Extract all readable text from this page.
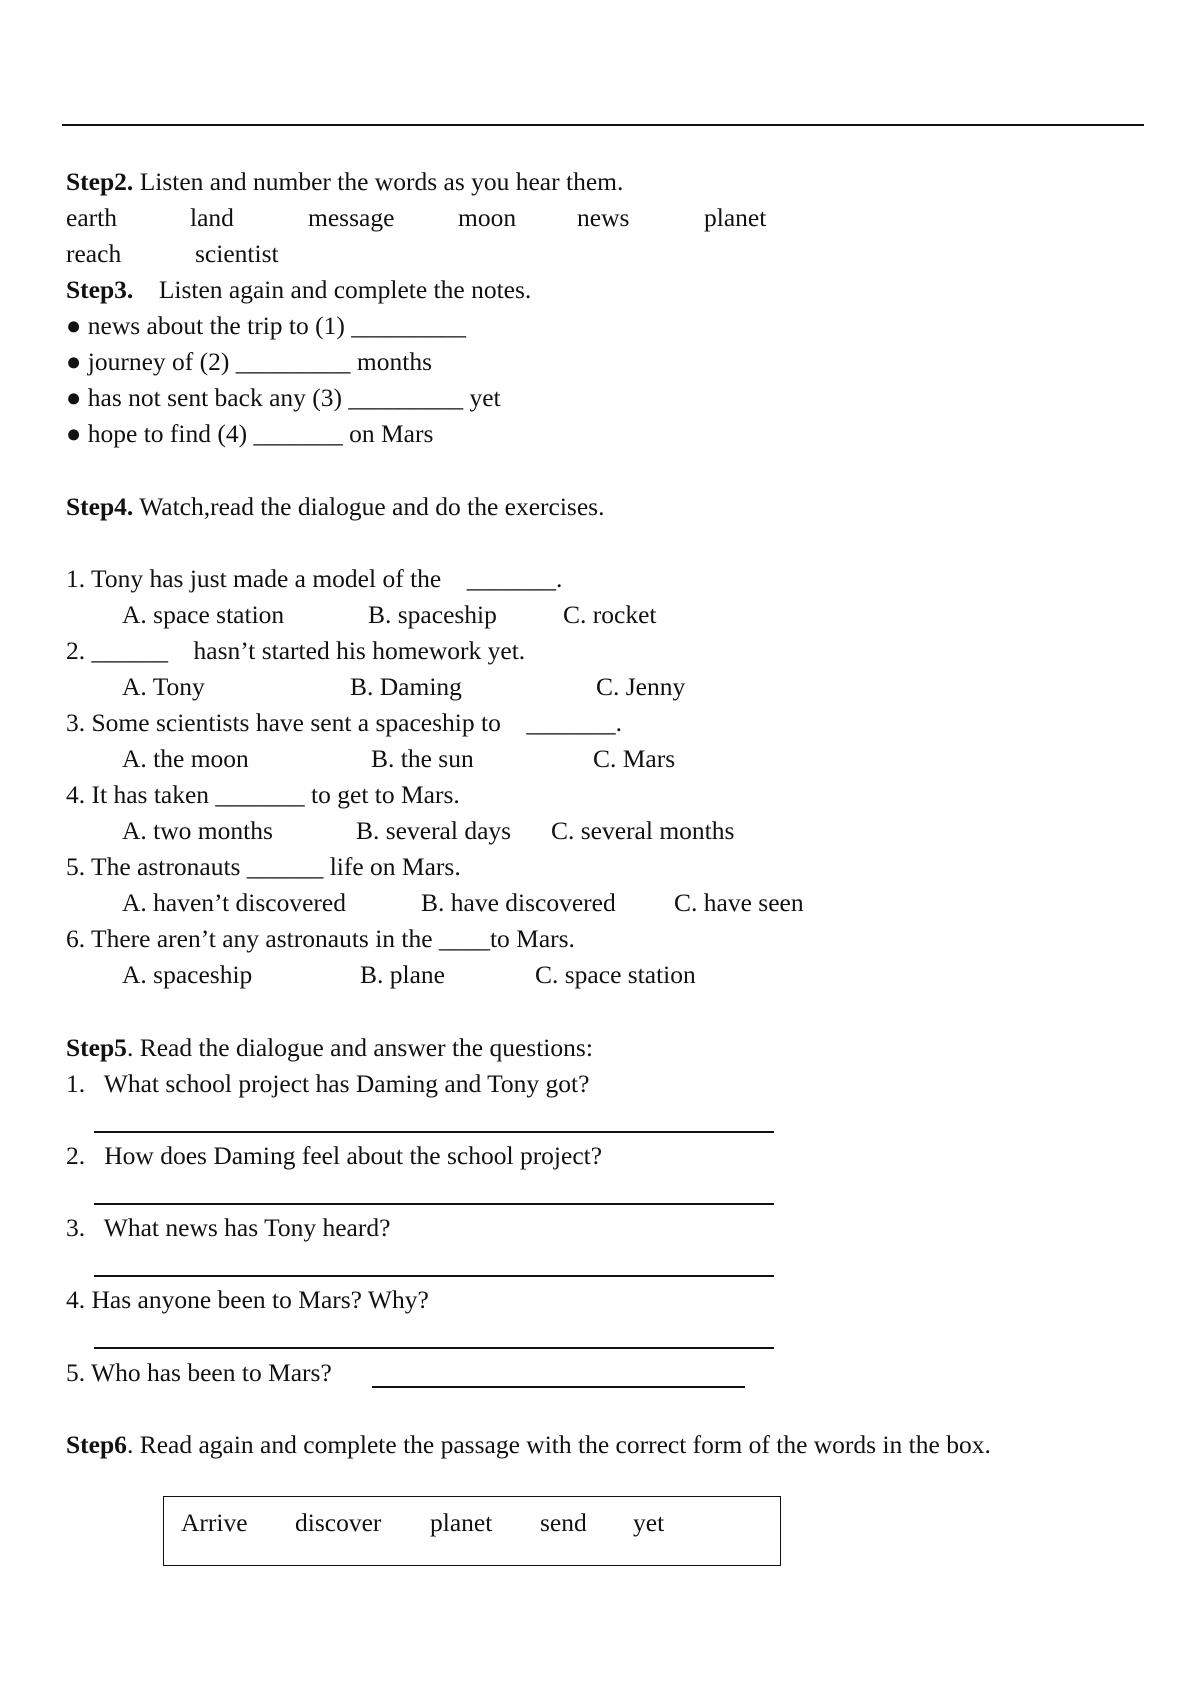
Step2. Listen and number the words as you hear them.
earth	land	message moon news	planet
reach	scientist
Step3.    Listen again and complete the notes.
● news about the trip to (1) _________
● journey of (2) _________ months
● has not sent back any (3) _________ yet
● hope to find (4) _______ on Mars
Step4. Watch,read the dialogue and do the exercises.
1. Tony has just made a model of the    _______.
A. space station	B. spaceship	C. rocket
2. ______    hasn’t started his homework yet.
A. Tony	B. Daming	C. Jenny
3. Some scientists have sent a spaceship to    _______.
A. the moon	B. the sun	C. Mars
4. It has taken _______ to get to Mars.
A. two months	B. several days C. several months
5. The astronauts ______ life on Mars.
A. haven’t discovered	B. have discovered C. have seen
6. There aren’t any astronauts in the ____to Mars.
A. spaceship	B. plane	C. space station
Step5. Read the dialogue and answer the questions:
1.   What school project has Daming and Tony got?
2.   How does Daming feel about the school project?
3.   What news has Tony heard?
4. Has anyone been to Mars? Why?
5. Who has been to Mars?
Step6. Read again and complete the passage with the correct form of the words in the box.
Arrive discover planet send yet
